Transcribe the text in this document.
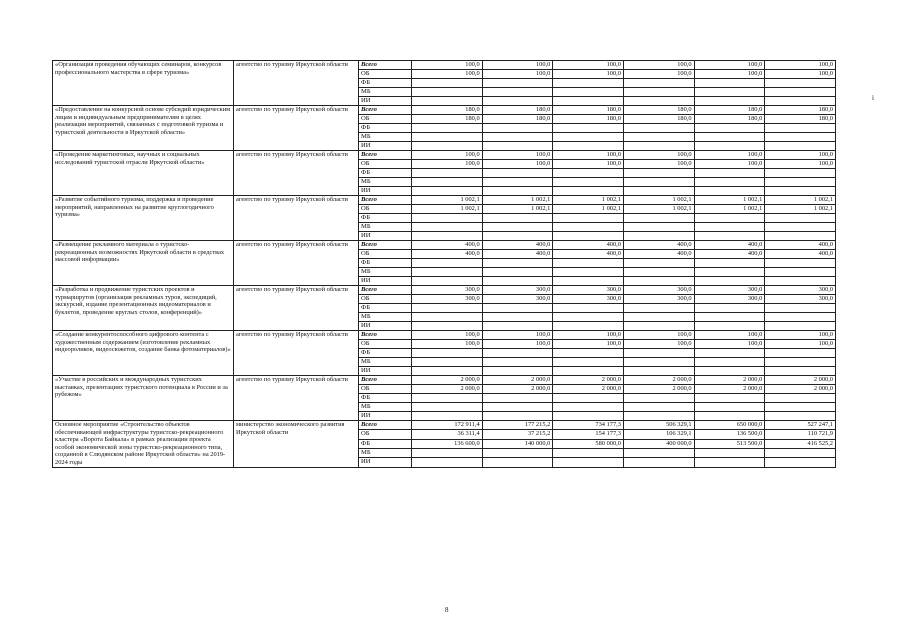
«Организация проведения обучающих семинаров, конкурсов профессионального мастерства в сфере туризма»	агентство по туризму Иркутской области	Всего	100,0	100,0	100,0	100,0	100,0	100,0
		ОБ	100,0	100,0	100,0	100,0	100,0	100,0
		ФБ						
		МБ						
		ИИ						
«Предоставление на конкурсной основе субсидий юридическим лицам и индивидуальным предпринимателям в целях реализации мероприятий, связанных с подготовкой туризма и туристской деятельности в Иркутской области»	агентство по туризму Иркутской области	Всего	180,0	180,0	180,0	180,0	180,0	180,0
		ОБ	180,0	180,0	180,0	180,0	180,0	180,0
		ФБ						
		МБ						
		ИИ						
«Проведение маркетинговых, научных и социальных исследований туристской отрасли Иркутской области»	агентство по туризму Иркутской области	Всего	100,0	100,0	100,0	100,0	100,0	100,0
		ОБ	100,0	100,0	100,0	100,0	100,0	100,0
		ФБ						
		МБ						
		ИИ						
«Развитие событийного туризма, поддержка и проведение мероприятий, направленных на развитие круглогодичного туризма»	агентство по туризму Иркутской области	Всего	1 002,1	1 002,1	1 002,1	1 002,1	1 002,1	1 002,1
		ОБ	1 002,1	1 002,1	1 002,1	1 002,1	1 002,1	1 002,1
		ФБ						
		МБ						
		ИИ						
«Размещение рекламного материала о туристско-рекреационных возможностях Иркутской области в средствах массовой информации»	агентство по туризму Иркутской области	Всего	400,0	400,0	400,0	400,0	400,0	400,0
		ОБ	400,0	400,0	400,0	400,0	400,0	400,0
		ФБ						
		МБ						
		ИИ						
«Разработка и продвижение туристских проектов и турмаршрутов (организация рекламных туров, экспедиций, экскурсий, издание презентационных видеоматериалов и буклетов, проведение круглых столов, конференций)»	агентство по туризму Иркутской области	Всего	300,0	300,0	300,0	300,0	300,0	300,0
		ОБ	300,0	300,0	300,0	300,0	300,0	300,0
		ФБ						
		МБ						
		ИИ						
«Создание конкурентоспособного цифрового контента с художественным содержанием (изготовление рекламных видеороликов, видеосюжетов, создание банка фотоматериалов)»	агентство по туризму Иркутской области	Всего	100,0	100,0	100,0	100,0	100,0	100,0
		ОБ	100,0	100,0	100,0	100,0	100,0	100,0
		ФБ						
		МБ						
		ИИ						
«Участие в российских и международных туристских выставках, презентациях туристского потенциала в России и за рубежом»	агентство по туризму Иркутской области	Всего	2 000,0	2 000,0	2 000,0	2 000,0	2 000,0	2 000,0
		ОБ	2 000,0	2 000,0	2 000,0	2 000,0	2 000,0	2 000,0
		ФБ						
		МБ						
		ИИ						
Основное мероприятие «Строительство объектов обеспечивающей инфраструктуры туристско-рекреационного кластера «Ворота Байкала» в рамках реализации проекта особой экономической зоны туристско-рекреационного типа, созданной в Слюдянском районе Иркутской области» на 2019-2024 годы	министерство экономического развития Иркутской области	Всего	172 911,4	177 215,2	734 177,3	506 329,1	650 000,0	527 247,1
		ОБ	36 311,4	37 215,2	154 177,3	106 329,1	136 500,0	110 721,9
		ФБ	136 600,0	140 000,0	580 000,0	400 000,0	513 500,0	416 525,2
		МБ						
		ИИ						
i
8
